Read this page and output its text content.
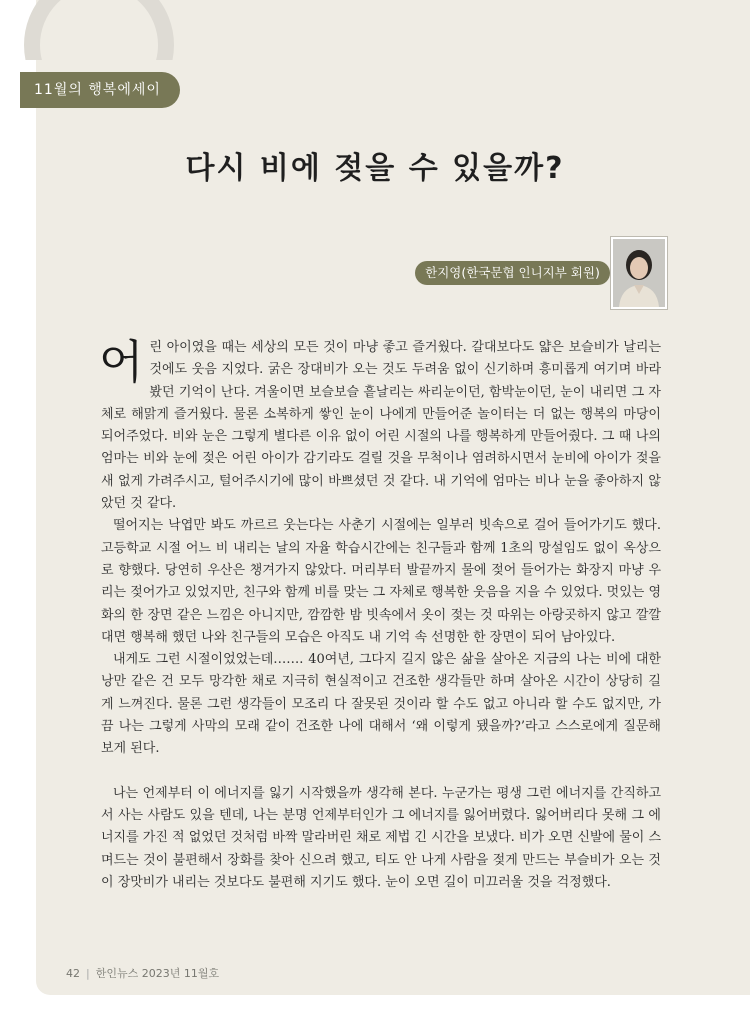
11월의 행복에세이
다시 비에 젖을 수 있을까?
한지영(한국문협 인니지부 회원)

어린 아이였을 때는 세상의 모든 것이 마냥 좋고 즐거웠다. 갈대보다도 얇은 보슬비가 날리는 것에도 웃음 지었다. 굵은 장대비가 오는 것도 두려움 없이 신기하며 흥미롭게 여기며 바라봤던 기억이 난다. 겨울이면 보슬보슬 흩날리는 싸리눈이던, 함박눈이던, 눈이 내리면 그 자체로 해맑게 즐거웠다. 물론 소복하게 쌓인 눈이 나에게 만들어준 놀이터는 더 없는 행복의 마당이 되어주었다. 비와 눈은 그렇게 별다른 이유 없이 어린 시절의 나를 행복하게 만들어줬다. 그 때 나의 엄마는 비와 눈에 젖은 어린 아이가 감기라도 걸릴 것을 무척이나 염려하시면서 눈비에 아이가 젖을 새 없게 가려주시고, 털어주시기에 많이 바쁘셨던 것 같다. 내 기억에 엄마는 비나 눈을 좋아하지 않았던 것 같다.

떨어지는 낙엽만 봐도 까르르 웃는다는 사춘기 시절에는 일부러 빗속으로 걸어 들어가기도 했다. 고등학교 시절 어느 비 내리는 날의 자율 학습시간에는 친구들과 함께 1초의 망설임도 없이 옥상으로 향했다. 당연히 우산은 챙겨가지 않았다. 머리부터 발끝까지 물에 젖어 들어가는 화장지 마냥 우리는 젖어가고 있었지만, 친구와 함께 비를 맞는 그 자체로 행복한 웃음을 지을 수 있었다. 멋있는 영화의 한 장면 같은 느낌은 아니지만, 깜깜한 밤 빗속에서 옷이 젖는 것 따위는 아랑곳하지 않고 깔깔대면 행복해 했던 나와 친구들의 모습은 아직도 내 기억 속 선명한 한 장면이 되어 남아있다.

내게도 그런 시절이었었는데……. 40여년, 그다지 길지 않은 삶을 살아온 지금의 나는 비에 대한 낭만 같은 건 모두 망각한 채로 지극히 현실적이고 건조한 생각들만 하며 살아온 시간이 상당히 길게 느껴진다. 물론 그런 생각들이 모조리 다 잘못된 것이라 할 수도 없고 아니라 할 수도 없지만, 가끔 나는 그렇게 사막의 모래 같이 건조한 나에 대해서 ‘왜 이렇게 됐을까?’라고 스스로에게 질문해 보게 된다.

나는 언제부터 이 에너지를 잃기 시작했을까 생각해 본다. 누군가는 평생 그런 에너지를 간직하고서 사는 사람도 있을 텐데, 나는 분명 언제부터인가 그 에너지를 잃어버렸다. 잃어버리다 못해 그 에너지를 가진 적 없었던 것처럼 바짝 말라버린 채로 제법 긴 시간을 보냈다. 비가 오면 신발에 물이 스며드는 것이 불편해서 장화를 찾아 신으려 했고, 티도 안 나게 사람을 젖게 만드는 부슬비가 오는 것이 장맛비가 내리는 것보다도 불편해 지기도 했다. 눈이 오면 길이 미끄러울 것을 걱정했다.

42 | 한인뉴스 2023년 11월호
